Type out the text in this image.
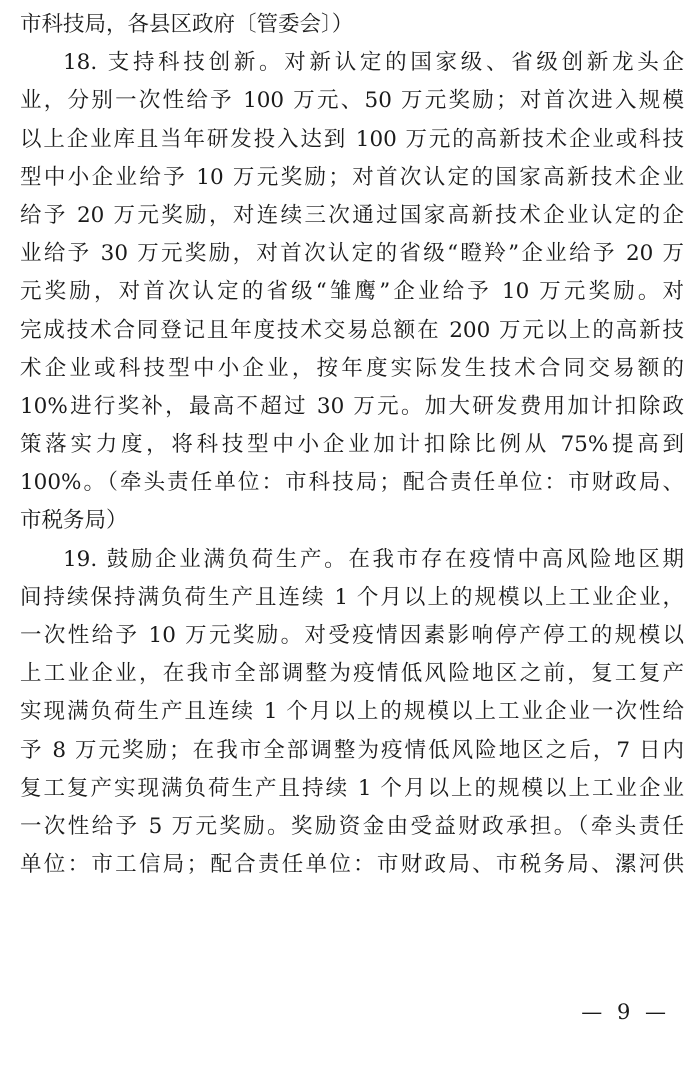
市科技局，各县区政府〔管委会〕）
18. 支持科技创新。对新认定的国家级、省级创新龙头企
业，分别一次性给予 100 万元、50 万元奖励；对首次进入规模
以上企业库且当年研发投入达到 100 万元的高新技术企业或科技
型中小企业给予 10 万元奖励；对首次认定的国家高新技术企业
给予 20 万元奖励，对连续三次通过国家高新技术企业认定的企
业给予 30 万元奖励，对首次认定的省级“瞪羚”企业给予 20 万
元奖励，对首次认定的省级“雏鹰”企业给予 10 万元奖励。对
完成技术合同登记且年度技术交易总额在 200 万元以上的高新技
术企业或科技型中小企业，按年度实际发生技术合同交易额的
10%进行奖补，最高不超过 30 万元。加大研发费用加计扣除政
策落实力度，将科技型中小企业加计扣除比例从 75%提高到
100%。（牵头责任单位：市科技局；配合责任单位：市财政局、
市税务局）
19. 鼓励企业满负荷生产。在我市存在疫情中高风险地区期
间持续保持满负荷生产且连续 1 个月以上的规模以上工业企业，
一次性给予 10 万元奖励。对受疫情因素影响停产停工的规模以
上工业企业，在我市全部调整为疫情低风险地区之前，复工复产
实现满负荷生产且连续 1 个月以上的规模以上工业企业一次性给
予 8 万元奖励；在我市全部调整为疫情低风险地区之后，7 日内
复工复产实现满负荷生产且持续 1 个月以上的规模以上工业企业
一次性给予 5 万元奖励。奖励资金由受益财政承担。（牵头责任
单位：市工信局；配合责任单位：市财政局、市税务局、漯河供
— 9 —
